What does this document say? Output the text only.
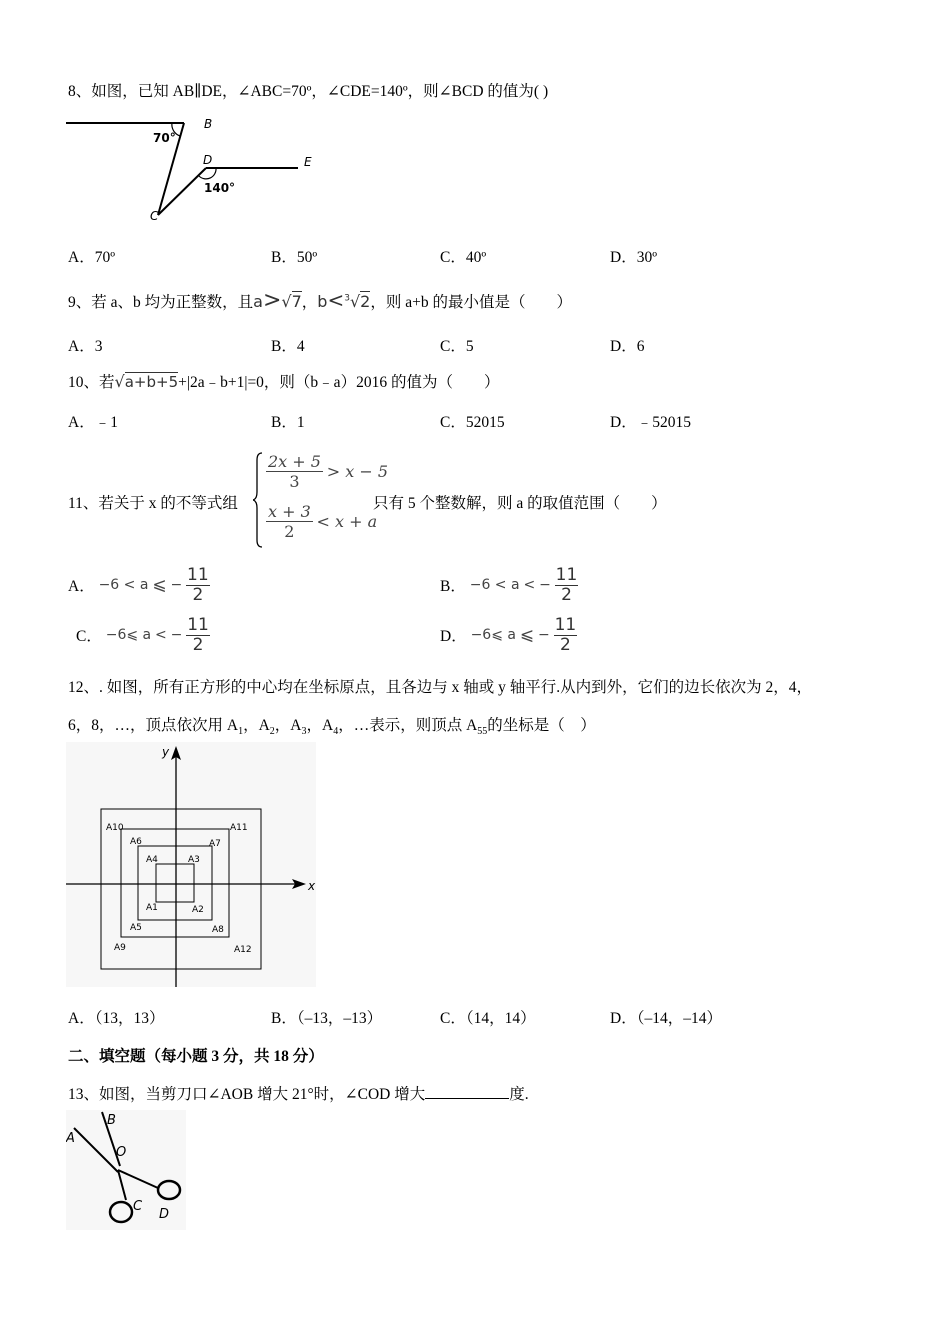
8、如图，已知 AB∥DE，∠ABC=70º，∠CDE=140º，则∠BCD 的值为( )
70°
B
D	E
140°
C
A．70º	B．50º	C．40º	D．30º
9、若 a、b 均为正整数，且a>√7，b<$^3$√2，则 a+b 的最小值是（　　）
A．3	B．4	C．5	D．6
10、若√a+b+5+|2a﹣b+1|=0，则（b﹣a）2016 的值为（　　）
A．﹣1	B．1	C．52015	D．﹣52015
11、若关于 x 的不等式组
$\frac{2x + 5}{3} > x - 5$
$\frac{x + 3}{2} < x + a$
只有 5 个整数解，则 a 的取值范围（　　）
A． −6 < a ⩽ − $\frac{11}{2}$	B． −6 < a < − $\frac{11}{2}$
C． −6⩽ a < − $\frac{11}{2}$	D． −6⩽ a ⩽ − $\frac{11}{2}$
12、. 如图，所有正方形的中心均在坐标原点，且各边与 x 轴或 y 轴平行.从内到外，它们的边长依次为 2，4，
6，8，…，顶点依次用 $A_1$，$A_2$，$A_3$，$A_4$，…表示，则顶点 $A_{55}$的坐标是（　）
x
y
A4	A3
A1	A2
A6	A7
A5	A8
A10	A11
A9	A12
A．（13，13）	B．（–13，–13）	C．（14，14）	D．（–14，–14）
二、填空题（每小题 3 分，共 18 分）
13、如图，当剪刀口∠AOB 增大 21°时，∠COD 增大	度.
A
B
O
C
D
